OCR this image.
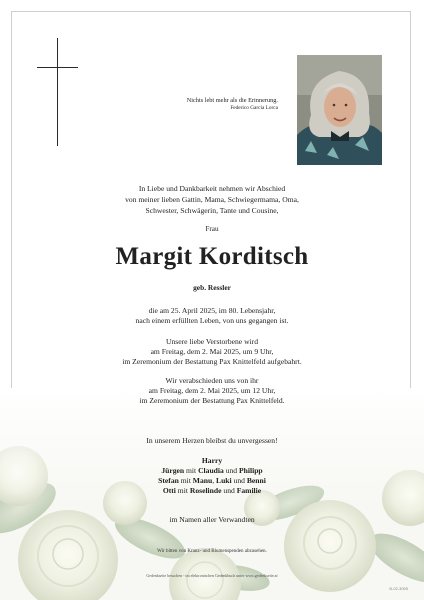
Nichts lebt mehr als die Erinnerung.
Federico García Lorca
In Liebe und Dankbarkeit nehmen wir Abschied
von meiner lieben Gattin, Mama, Schwiegermama, Oma,
Schwester, Schwägerin, Tante und Cousine,
Frau
Margit Korditsch
geb. Ressler
die am 25. April 2025, im 80. Lebensjahr,
nach einem erfüllten Leben, von uns gegangen ist.
Unsere liebe Verstorbene wird
am Freitag, dem 2. Mai 2025, um 9 Uhr,
im Zeremonium der Bestattung Pax Knittelfeld aufgebahrt.
Wir verabschieden uns von ihr
am Freitag, dem 2. Mai 2025, um 12 Uhr,
im Zeremonium der Bestattung Pax Knittelfeld.
In unserem Herzen bleibst du unvergessen!
Harry
Jürgen mit Claudia und Philipp
Stefan mit Manu, Luki und Benni
Otti mit Roselinde und Familie
im Namen aller Verwandten
Wir bitten von Kranz- und Blumenspenden abzusehen.
Gedenkseite besuchen - im elektronischen Gedenkbuch unter www.gedenkseite.at
B-02-3055
